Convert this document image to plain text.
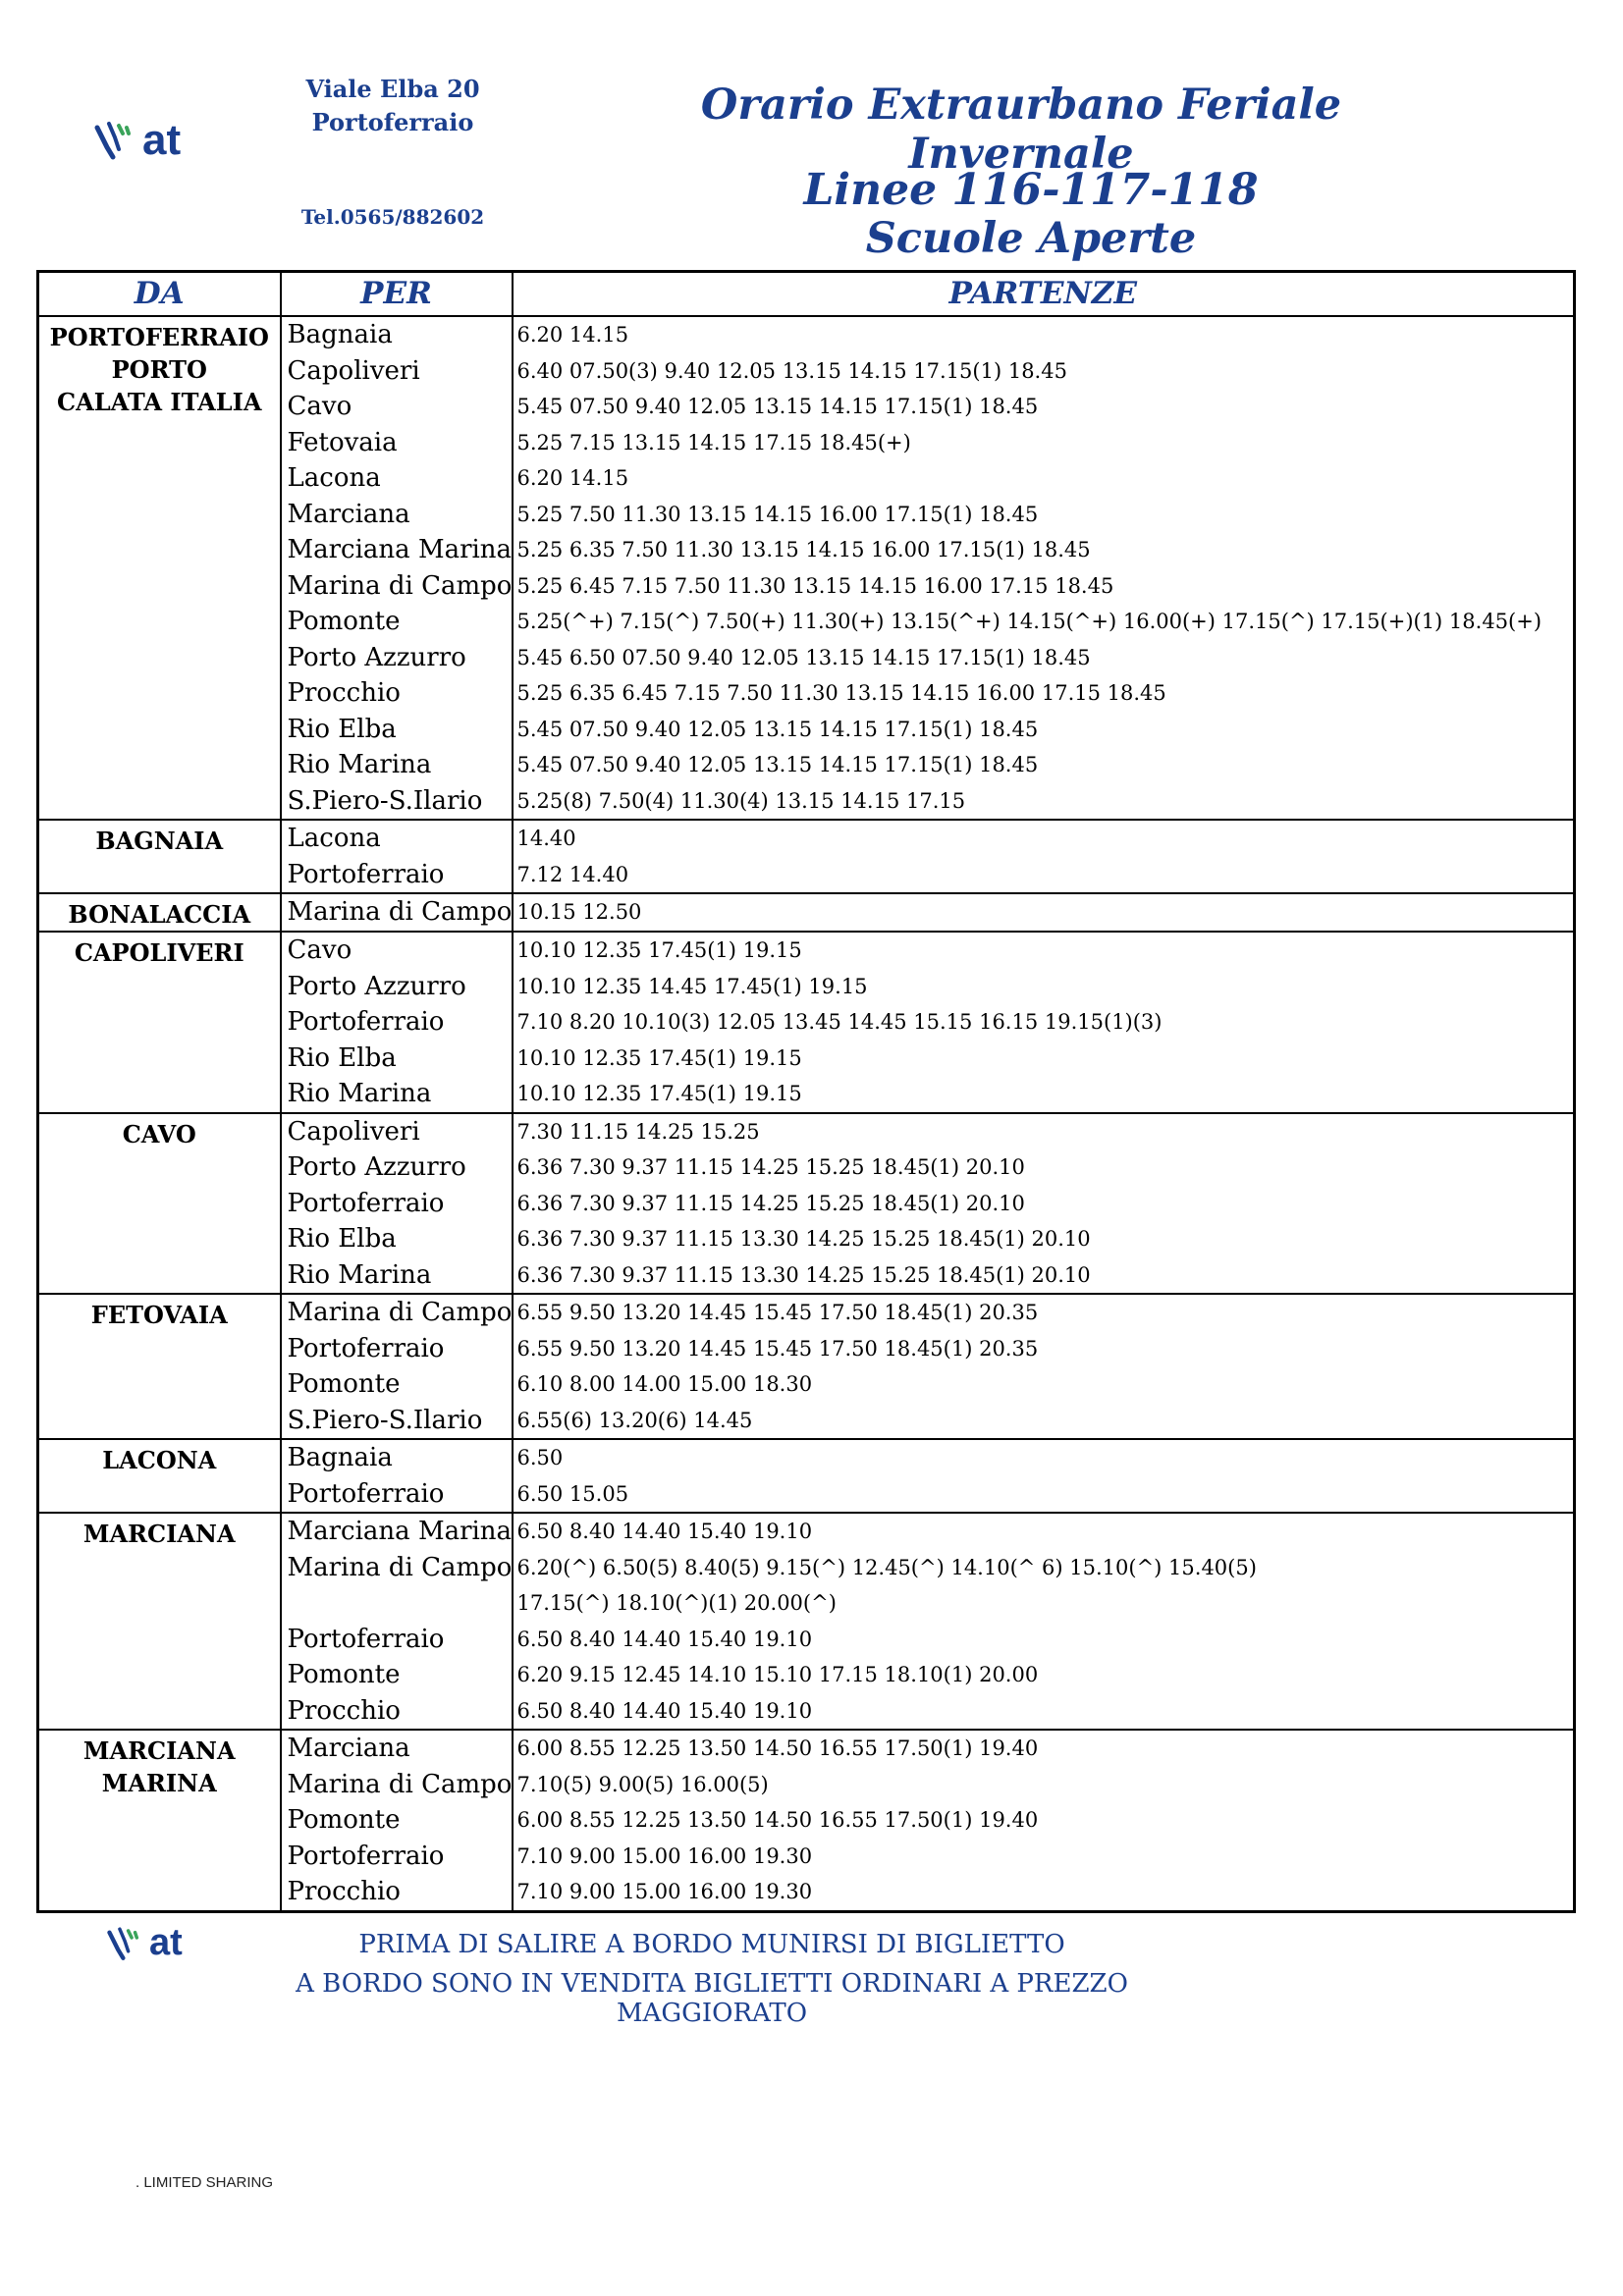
at
Viale Elba 20
Portoferraio
Tel.0565/882602
Orario Extraurbano Feriale Invernale
Linee 116-117-118
Scuole Aperte
DA	PER	PARTENZE

PORTOFERRAIO
PORTO
CALATA ITALIA	Bagnaia	6.20 14.15
	Capoliveri	6.40 07.50(3) 9.40 12.05 13.15 14.15 17.15(1) 18.45
	Cavo	5.45 07.50 9.40 12.05 13.15 14.15 17.15(1) 18.45
	Fetovaia	5.25 7.15 13.15 14.15 17.15 18.45(+)
	Lacona	6.20 14.15
	Marciana	5.25 7.50 11.30 13.15 14.15 16.00 17.15(1) 18.45
	Marciana Marina	5.25 6.35 7.50 11.30 13.15 14.15 16.00 17.15(1) 18.45
	Marina di Campo	5.25 6.45 7.15 7.50 11.30 13.15 14.15 16.00 17.15 18.45
	Pomonte	5.25(^+) 7.15(^) 7.50(+) 11.30(+) 13.15(^+) 14.15(^+) 16.00(+) 17.15(^) 17.15(+)(1) 18.45(+)
	Porto Azzurro	5.45 6.50 07.50 9.40 12.05 13.15 14.15 17.15(1) 18.45
	Procchio	5.25 6.35 6.45 7.15 7.50 11.30 13.15 14.15 16.00 17.15 18.45
	Rio Elba	5.45 07.50 9.40 12.05 13.15 14.15 17.15(1) 18.45
	Rio Marina	5.45 07.50 9.40 12.05 13.15 14.15 17.15(1) 18.45
	S.Piero-S.Ilario	5.25(8) 7.50(4) 11.30(4) 13.15 14.15 17.15

BAGNAIA	Lacona	14.40
	Portoferraio	7.12 14.40

BONALACCIA	Marina di Campo	10.15 12.50

CAPOLIVERI	Cavo	10.10 12.35 17.45(1) 19.15
	Porto Azzurro	10.10 12.35 14.45 17.45(1) 19.15
	Portoferraio	7.10 8.20 10.10(3) 12.05 13.45 14.45 15.15 16.15 19.15(1)(3)
	Rio Elba	10.10 12.35 17.45(1) 19.15
	Rio Marina	10.10 12.35 17.45(1) 19.15

CAVO	Capoliveri	7.30 11.15 14.25 15.25
	Porto Azzurro	6.36 7.30 9.37 11.15 14.25 15.25 18.45(1) 20.10
	Portoferraio	6.36 7.30 9.37 11.15 14.25 15.25 18.45(1) 20.10
	Rio Elba	6.36 7.30 9.37 11.15 13.30 14.25 15.25 18.45(1) 20.10
	Rio Marina	6.36 7.30 9.37 11.15 13.30 14.25 15.25 18.45(1) 20.10

FETOVAIA	Marina di Campo	6.55 9.50 13.20 14.45 15.45 17.50 18.45(1) 20.35
	Portoferraio	6.55 9.50 13.20 14.45 15.45 17.50 18.45(1) 20.35
	Pomonte	6.10 8.00 14.00 15.00 18.30
	S.Piero-S.Ilario	6.55(6) 13.20(6) 14.45

LACONA	Bagnaia	6.50
	Portoferraio	6.50 15.05

MARCIANA	Marciana Marina	6.50 8.40 14.40 15.40 19.10
	Marina di Campo	6.20(^) 6.50(5) 8.40(5) 9.15(^) 12.45(^) 14.10(^ 6) 15.10(^) 15.40(5)
		17.15(^) 18.10(^)(1) 20.00(^)
	Portoferraio	6.50 8.40 14.40 15.40 19.10
	Pomonte	6.20 9.15 12.45 14.10 15.10 17.15 18.10(1) 20.00
	Procchio	6.50 8.40 14.40 15.40 19.10

MARCIANA
MARINA	Marciana	6.00 8.55 12.25 13.50 14.50 16.55 17.50(1) 19.40
	Marina di Campo	7.10(5) 9.00(5) 16.00(5)
	Pomonte	6.00 8.55 12.25 13.50 14.50 16.55 17.50(1) 19.40
	Portoferraio	7.10 9.00 15.00 16.00 19.30
	Procchio	7.10 9.00 15.00 16.00 19.30
at	PRIMA DI SALIRE A BORDO MUNIRSI DI BIGLIETTO
A BORDO SONO IN VENDITA BIGLIETTI ORDINARI A PREZZO MAGGIORATO
. LIMITED SHARING
